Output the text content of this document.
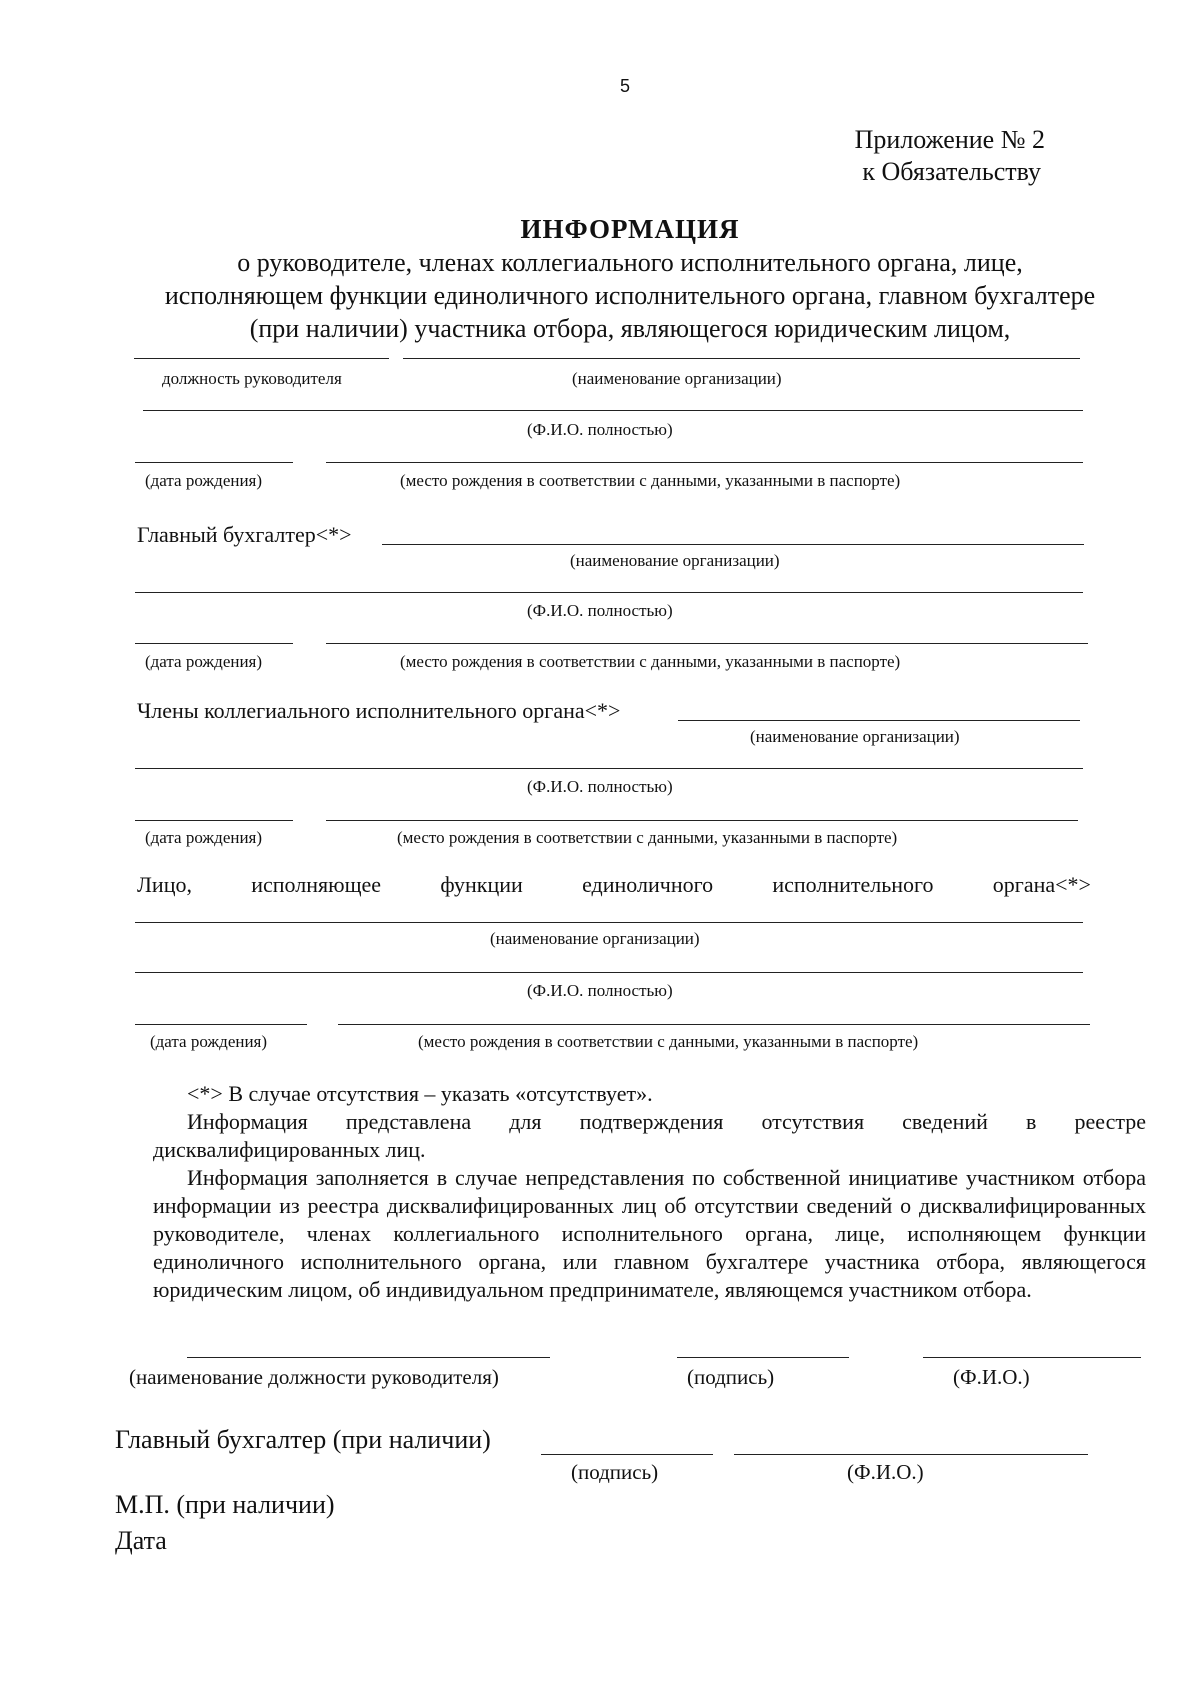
5
Приложение № 2
к Обязательству
ИНФОРМАЦИЯ
о руководителе, членах коллегиального исполнительного органа, лице,
исполняющем функции единоличного исполнительного органа, главном бухгалтере
(при наличии) участника отбора, являющегося юридическим лицом,
должность руководителя	(наименование организации)
(Ф.И.О. полностью)
(дата рождения)	(место рождения в соответствии с данными, указанными в паспорте)
Главный бухгалтер<*>
(наименование организации)
(Ф.И.О. полностью)
(дата рождения)	(место рождения в соответствии с данными, указанными в паспорте)
Члены коллегиального исполнительного органа<*>
(наименование организации)
(Ф.И.О. полностью)
(дата рождения)	(место рождения в соответствии с данными, указанными в паспорте)
Лицо,	исполняющее	функции	единоличного	исполнительного	органа<*>
(наименование организации)
(Ф.И.О. полностью)
(дата рождения)	(место рождения в соответствии с данными, указанными в паспорте)
<*> В случае отсутствия – указать «отсутствует».
Информация представлена для подтверждения отсутствия сведений в реестре дисквалифицированных лиц.
Информация заполняется в случае непредставления по собственной инициативе участником отбора информации из реестра дисквалифицированных лиц об отсутствии сведений о дисквалифицированных руководителе, членах коллегиального исполнительного органа, лице, исполняющем функции единоличного исполнительного органа, или главном бухгалтере участника отбора, являющегося юридическим лицом, об индивидуальном предпринимателе, являющемся участником отбора.
(наименование должности руководителя)	(подпись)	(Ф.И.О.)
Главный бухгалтер (при наличии)
(подпись)	(Ф.И.О.)
М.П. (при наличии)
Дата
